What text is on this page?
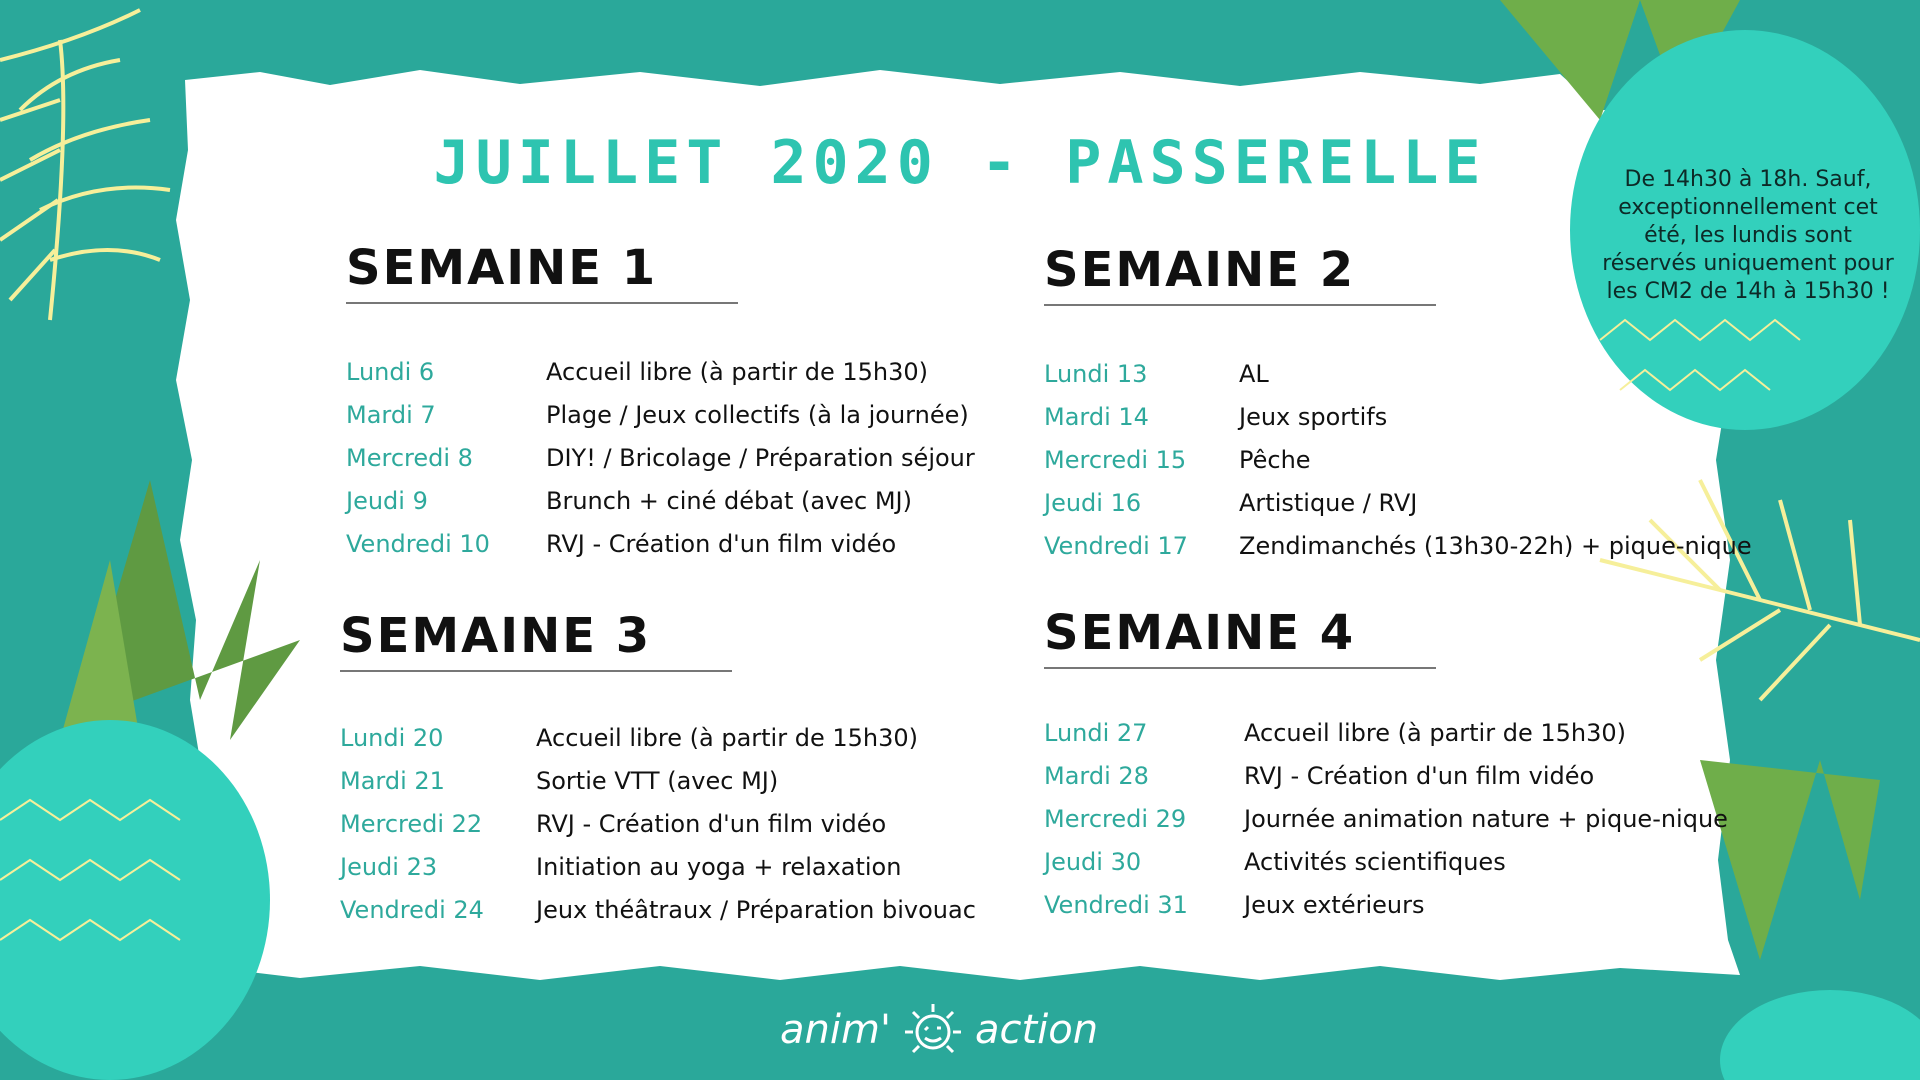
JUILLET 2020 - PASSERELLE
SEMAINE 1
Lundi 6	Accueil libre (à partir de 15h30)
Mardi 7	Plage / Jeux collectifs (à la journée)
Mercredi 8	DIY! / Bricolage / Préparation séjour
Jeudi 9	Brunch + ciné débat (avec MJ)
Vendredi 10	RVJ - Création d'un film vidéo
SEMAINE 2
Lundi 13	AL
Mardi 14	Jeux sportifs
Mercredi 15	Pêche
Jeudi 16	Artistique / RVJ
Vendredi 17	Zendimanchés (13h30-22h) + pique-nique
SEMAINE 3
Lundi 20	Accueil libre (à partir de 15h30)
Mardi 21	Sortie VTT (avec MJ)
Mercredi 22	RVJ - Création d'un film vidéo
Jeudi 23	Initiation au yoga + relaxation
Vendredi 24	Jeux théâtraux / Préparation bivouac
SEMAINE 4
Lundi 27	Accueil libre (à partir de 15h30)
Mardi 28	RVJ - Création d'un film vidéo
Mercredi 29	Journée animation nature + pique-nique
Jeudi 30	Activités scientifiques
Vendredi 31	Jeux extérieurs
De 14h30 à 18h. Sauf, exceptionnellement cet été, les lundis sont réservés uniquement pour les CM2 de 14h à 15h30 !
anim' action
